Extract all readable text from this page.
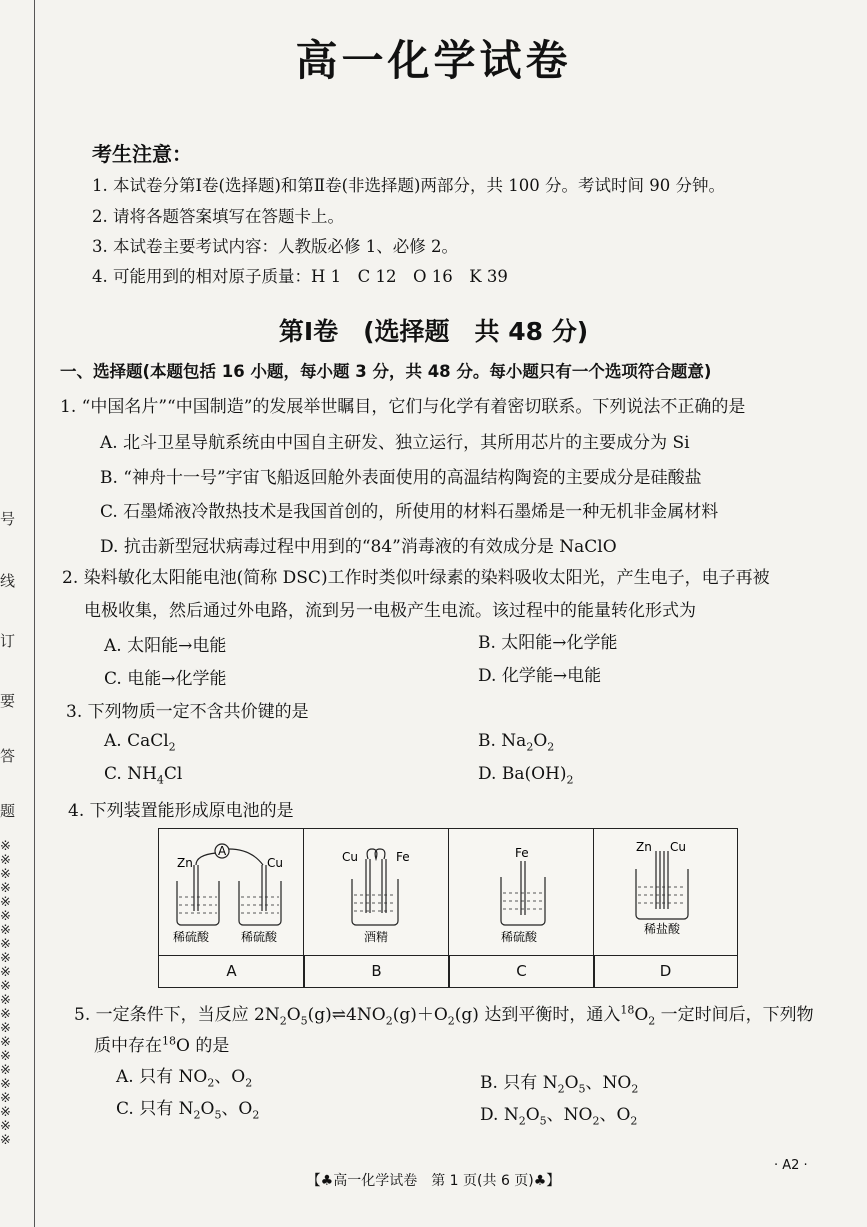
号
线
订
要
答
题
※※※※※※※※※※※※※※※※※※※※※※
高一化学试卷
考生注意：
1. 本试卷分第Ⅰ卷(选择题)和第Ⅱ卷(非选择题)两部分，共 100 分。考试时间 90 分钟。
2. 请将各题答案填写在答题卡上。
3. 本试卷主要考试内容：人教版必修 1、必修 2。
4. 可能用到的相对原子质量：H 1　C 12　O 16　K 39
第Ⅰ卷　(选择题　共 48 分)
一、选择题(本题包括 16 小题，每小题 3 分，共 48 分。每小题只有一个选项符合题意)
1. “中国名片”“中国制造”的发展举世瞩目，它们与化学有着密切联系。下列说法不正确的是
A. 北斗卫星导航系统由中国自主研发、独立运行，其所用芯片的主要成分为 Si
B. “神舟十一号”宇宙飞船返回舱外表面使用的高温结构陶瓷的主要成分是硅酸盐
C. 石墨烯液冷散热技术是我国首创的，所使用的材料石墨烯是一种无机非金属材料
D. 抗击新型冠状病毒过程中用到的“84”消毒液的有效成分是 NaClO
2. 染料敏化太阳能电池(简称 DSC)工作时类似叶绿素的染料吸收太阳光，产生电子，电子再被
电极收集，然后通过外电路，流到另一电极产生电流。该过程中的能量转化形式为
A. 太阳能→电能	B. 太阳能→化学能
C. 电能→化学能	D. 化学能→电能
3. 下列物质一定不含共价键的是
A. CaCl$_2$	B. $Na_2O_2$
C. $NH_4Cl$	D. $Ba(OH)_2$
4. 下列装置能形成原电池的是
A
Zn	Cu
稀硫酸	稀硫酸
Cu	Fe
酒精
Fe
稀硫酸
Zn Cu
稀盐酸
A	B	C	D
5. 一定条件下，当反应 $2N_2O_5(g)\rightleftharpoons 4NO_2(g)+O_2(g)$ 达到平衡时，通入$^{18}O_2$ 一定时间后，下列物
质中存在$^{18}$O 的是
A. 只有 $NO_2$、$O_2$	B. 只有 $N_2O_5$、$NO_2$
C. 只有 $N_2O_5$、$O_2$	D. $N_2O_5$、$NO_2$、$O_2$
· A2 ·
【♣高一化学试卷　第 1 页(共 6 页)♣】
